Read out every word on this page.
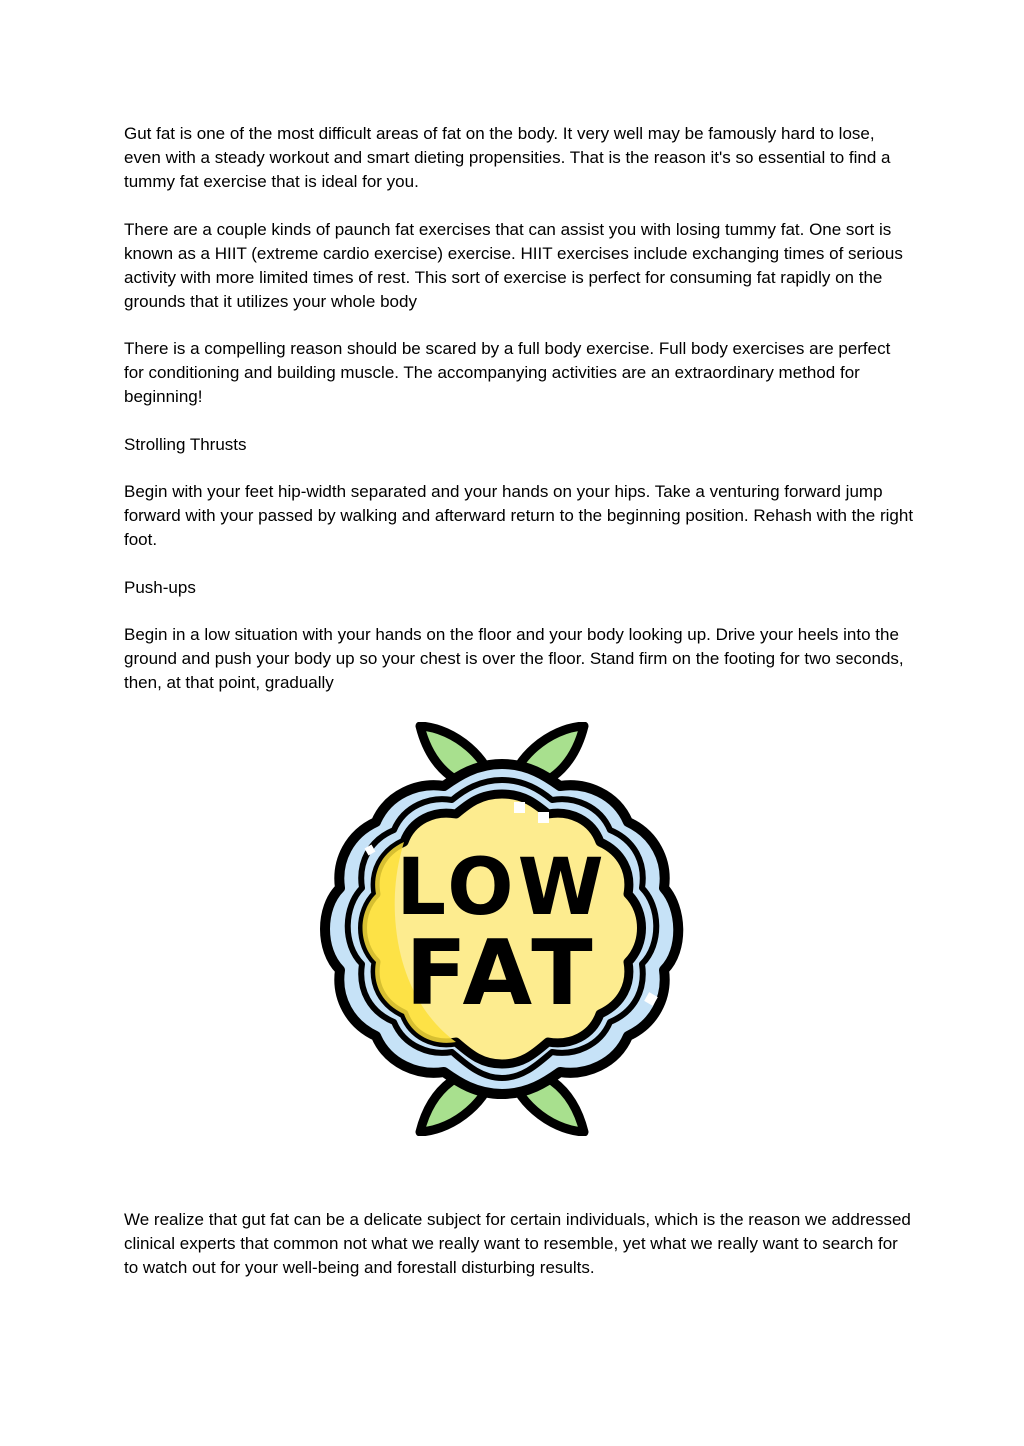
Gut fat is one of the most difficult areas of fat on the body. It very well may be famously hard to lose, even with a steady workout and smart dieting propensities. That is the reason it's so essential to find a tummy fat exercise that is ideal for you.

There are a couple kinds of paunch fat exercises that can assist you with losing tummy fat. One sort is known as a HIIT (extreme cardio exercise) exercise. HIIT exercises include exchanging times of serious activity with more limited times of rest. This sort of exercise is perfect for consuming fat rapidly on the grounds that it utilizes your whole body

There is a compelling reason should be scared by a full body exercise. Full body exercises are perfect for conditioning and building muscle. The accompanying activities are an extraordinary method for beginning!

Strolling Thrusts

Begin with your feet hip-width separated and your hands on your hips. Take a venturing forward jump forward with your passed by walking and afterward return to the beginning position. Rehash with the right foot.

Push-ups

Begin in a low situation with your hands on the floor and your body looking up. Drive your heels into the ground and push your body up so your chest is over the floor. Stand firm on the footing for two seconds, then, at that point, gradually

LOW
FAT

We realize that gut fat can be a delicate subject for certain individuals, which is the reason we addressed clinical experts that common not what we really want to resemble, yet what we really want to search for to watch out for your well-being and forestall disturbing results.
